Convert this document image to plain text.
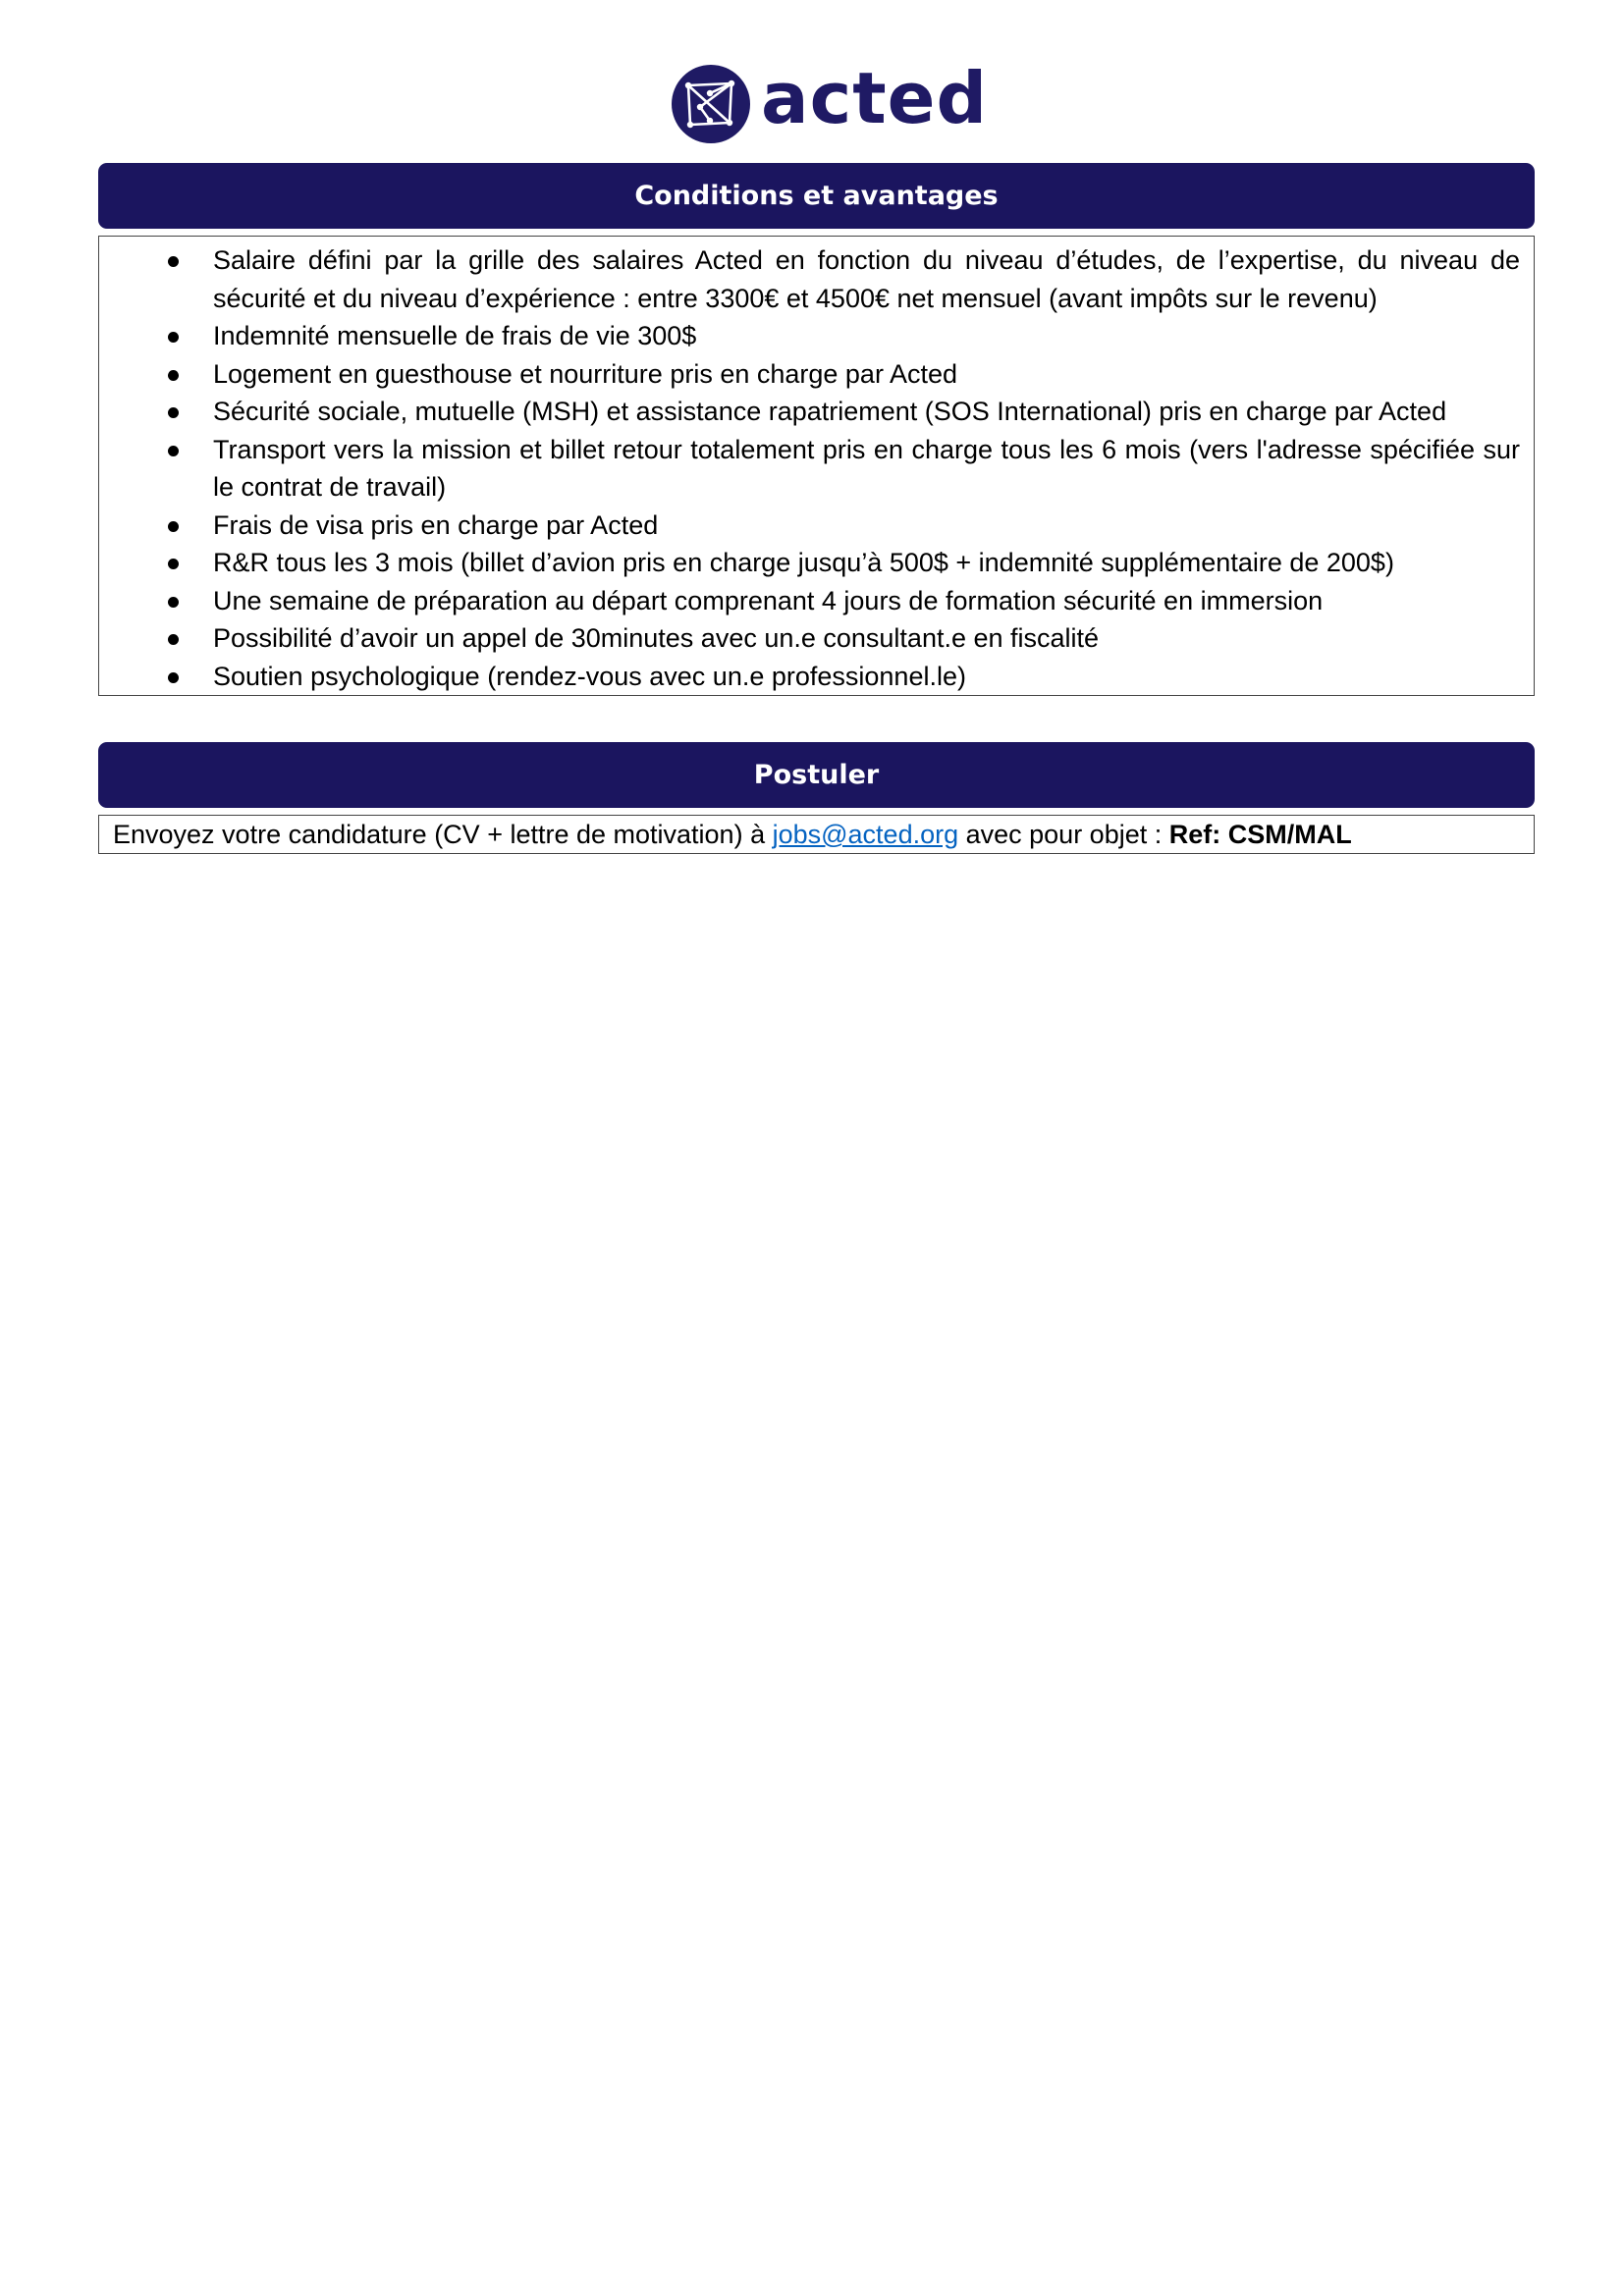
acted
Conditions et avantages
Salaire défini par la grille des salaires Acted en fonction du niveau d’études, de l’expertise, du niveau de sécurité et du niveau d’expérience : entre 3300€ et 4500€ net mensuel (avant impôts sur le revenu)
Indemnité mensuelle de frais de vie 300$
Logement en guesthouse et nourriture pris en charge par Acted
Sécurité sociale, mutuelle (MSH) et assistance rapatriement (SOS International) pris en charge par Acted
Transport vers la mission et billet retour totalement pris en charge tous les 6 mois (vers l'adresse spécifiée sur le contrat de travail)
Frais de visa pris en charge par Acted
R&R tous les 3 mois (billet d’avion pris en charge jusqu’à 500$ + indemnité supplémentaire de 200$)
Une semaine de préparation au départ comprenant 4 jours de formation sécurité en immersion
Possibilité d’avoir un appel de 30minutes avec un.e consultant.e en fiscalité
Soutien psychologique (rendez-vous avec un.e professionnel.le)
Postuler
Envoyez votre candidature (CV + lettre de motivation) à jobs@acted.org avec pour objet : Ref: CSM/MAL
